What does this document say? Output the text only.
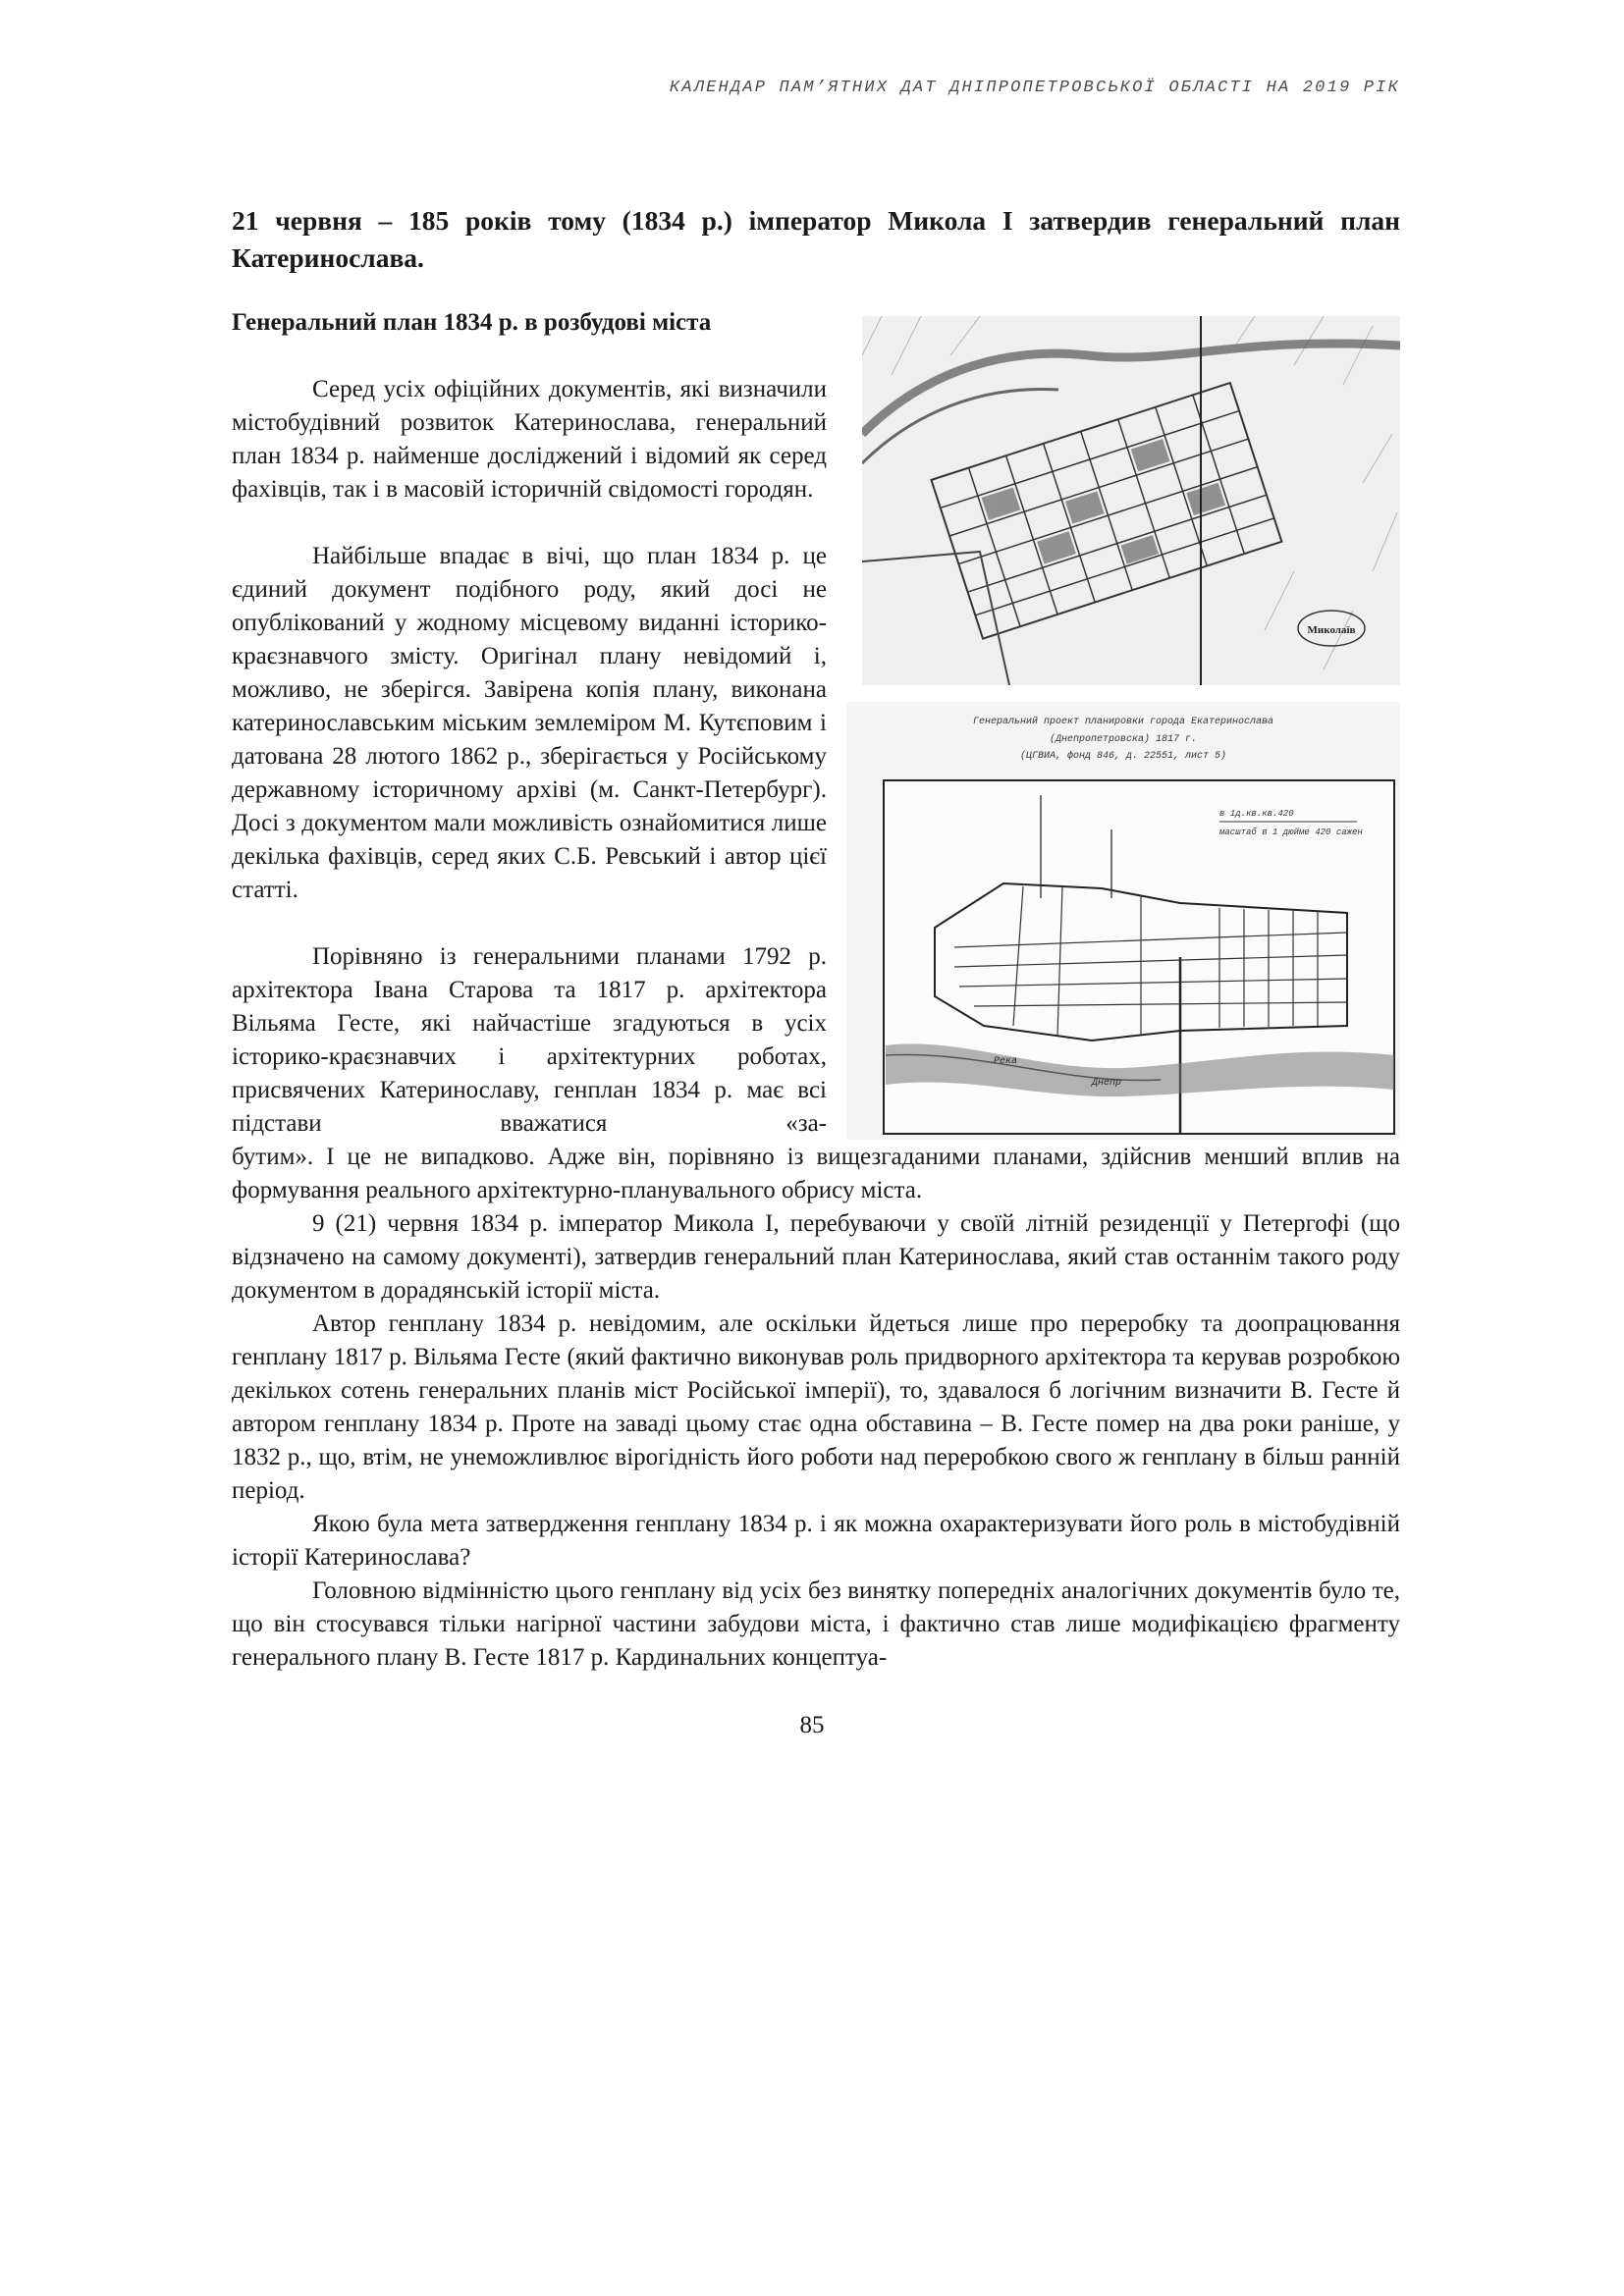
КАЛЕНДАР ПАМ’ЯТНИХ ДАТ ДНІПРОПЕТРОВСЬКОЇ ОБЛАСТІ НА 2019 РІК
21 червня – 185 років тому (1834 р.) імператор Микола I затвердив генеральний план Катеринослава.
Генеральний план 1834 р. в розбудові міста

Серед усіх офіційних документів, які визначили містобудівний розвиток Катеринослава, генеральний план 1834 р. найменше досліджений і відомий як серед фахівців, так і в масовій історичній свідомості городян.

Найбільше впадає в вічі, що план 1834 р. це єдиний документ подібного роду, який досі не опублікований у жодному місцевому виданні історико-краєзнавчого змісту. Оригінал плану невідомий і, можливо, не зберігся. Завірена копія плану, виконана катеринославським міським землеміром М. Кутєповим і датована 28 лютого 1862 р., зберігається у Російському державному історичному архіві (м. Санкт-Петербург). Досі з документом мали можливість ознайомитися лише декілька фахівців, серед яких С.Б. Ревський і автор цієї статті.

Порівняно із генеральними планами 1792 р. архітектора Івана Старова та 1817 р. архітектора Вільяма Гесте, які найчастіше згадуються в усіх історико-краєзнавчих і архітектурних роботах, присвячених Катеринославу, генплан 1834 р. має всі підстави вважатися «за-

бутим». І це не випадково. Адже він, порівняно із вищезгаданими планами, здійснив менший вплив на формування реального архітектурно-планувального обрису міста.

9 (21) червня 1834 р. імператор Микола І, перебуваючи у своїй літній резиденції у Петергофі (що відзначено на самому документі), затвердив генеральний план Катеринослава, який став останнім такого роду документом в дорадянській історії міста.

Автор генплану 1834 р. невідомим, але оскільки йдеться лише про переробку та доопрацювання генплану 1817 р. Вільяма Гесте (який фактично виконував роль придворного архітектора та керував розробкою декількох сотень генеральних планів міст Російської імперії), то, здавалося б логічним визначити В. Гесте й автором генплану 1834 р. Проте на заваді цьому стає одна обставина – В. Гесте помер на два роки раніше, у 1832 р., що, втім, не унеможливлює вірогідність його роботи над переробкою свого ж генплану в більш ранній період.

Якою була мета затвердження генплану 1834 р. і як можна охарактеризувати його роль в містобудівній історії Катеринослава?

Головною відмінністю цього генплану від усіх без винятку попередніх аналогічних документів було те, що він стосувався тільки нагірної частини забудови міста, і фактично став лише модифікацією фрагменту генерального плану В. Гесте 1817 р. Кардинальних концептуа-

Миколаїв
Генеральний проект планировки города Екатеринослава
(Днепропетровска) 1817 г.
(ЦГВИА, фонд 846, д. 22551, лист 5)
в 1д.кв.кв.420
масштаб в 1 дюйме 420 сажен
Река
Днепр
85
